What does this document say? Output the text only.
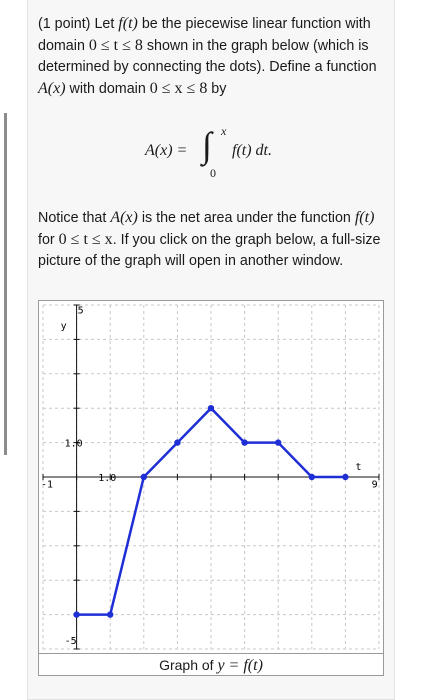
(1 point) Let f(t) be the piecewise linear function with domain 0 ≤ t ≤ 8 shown in the graph below (which is determined by connecting the dots). Define a function A(x) with domain 0 ≤ x ≤ 8 by

A(x) = ∫ x
0
f(t) dt.

Notice that A(x) is the net area under the function f(t) for 0 ≤ t ≤ x. If you click on the graph below, a full-size picture of the graph will open in another window.

y
t
5
-5
-1	9
1.0
1.0
Graph of y = f(t)
